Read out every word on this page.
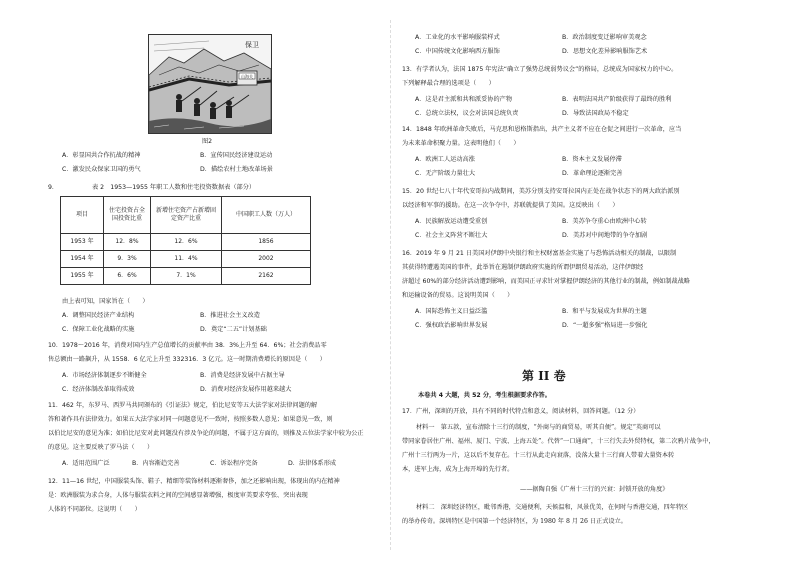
保卫
山海关
图2
A．彰显国共合作抗战的精神	B．宣传国民经济建设运动
C．激发民众保家卫国的勇气	D．描绘农村土地改革场景
9．	表 2　1953—1955 年职工人数和住宅投资数据表（部分）
项目	住宅投资占全国投资比重	新增住宅资产占新增固定资产比重	中国职工人数（万人）
1953 年	12．8%	12．6%	1856
1954 年	9．3%	11．4%	2002
1955 年	6．6%	7．1%	2162
由上表可知，国家旨在（　　）
A．调整国民经济产业结构	B．推进社会主义改造
C．保障工业化战略的实施	D．奠定“二五”计划基础
10．1978～2016 年，消费对国内生产总值增长的贡献率由 38．3%上升至 64．6%；社会消费品零
售总额由一路飙升，从 1558．6 亿元上升至 332316．3 亿元。这一时期消费增长的原因是（　　）
A．市场经济体制逐步不断健全	B．消费是经济发展中占据主导
C．经济体制改革取得成效	D．消费对经济发展作用越来越大
11．462 年，东罗马、西罗马共同颁布的《引证法》规定，伯比尼安等五大法学家对法律问题的解
答和著作具有法律效力。如果五大法学家对同一问题意见不一致时，按照多数人意见；如果意见一致，则
以伯比尼安的意见为准；如伯比尼安对此问题没有涉及争论的问题，不属于这方面的，则推及五位法学家中较为公正
的意见。这主要反映了罗马法（　　）
A．适用范围广泛	B．内容渐趋完善	C．诉讼程序完备	D．法律体系形成
12．11—16 世纪，中国服装头饰、鞋子、精细等装饰材料逐渐奢侈，加之还影响出现，体现出的内在精神
是：欧洲服装为求合身，人体与服装衣料之间的空间感显著增强，极度审美要求夸张、突出表现
人体的不同部位。这说明（　　）
A．工业化的水平影响服装样式	B．政治制度变迁影响审美观念
C．中国传统文化影响西方服饰	D．思想文化差异影响服饰艺术
13．有学者认为，法国 1875 年宪法“确立了强势总统弱势议会”的格局，总统成为国家权力的中心。
下列解释最合理的选项是（　　）
A．这是君主派和共和派妥协的产物	B．表明法国共产阶级获得了最终的胜利
C．总统立法权，议会对法国总统负责	D．导致法国政局不稳定
14．1848 年欧洲革命失败后，马克思和恩格斯指出，共产主义者不应在仓促之间进行一次革命，应当
为未来革命积聚力量。这表明他们（　　）
A．欧洲工人运动高涨	B．资本主义发展停滞
C．无产阶级力量壮大	D．革命理论逐渐完善
15．20 世纪七八十年代安哥拉内战期间，美苏分别支持安哥拉国内正处在战争状态下的两大政治派别
以经济和军事的援助。在这一次争夺中，苏联就提供了美国。这反映出（　　）
A．民族解放运动遭受重创	B．美苏争夺重心由欧洲中心转
C．社会主义阵营不断壮大	D．美苏对中间地带的争夺加剧
16．2019 年 9 月 21 日美国对伊朗中央银行和主权财富基金实施了与恐怖活动相关的制裁，以限制
其获得特遭遇美国的事件，此举旨在遏制伊朗政府实施的所谓伊朗贸易活动，这伴伊朗经
济超过 60%的部分经济活动遭到影响，而美国正寻求针对掌握伊朗经济的其他行业的制裁，例如制裁战略
和运输设备的贸易。这说明美国（　　）
A．国际恐怖主义日益泛滥	B．和平与发展成为世界的主题
C．强权政治影响世界发展	D．“一超多强”格局进一步强化
第 II 卷
本卷共 4 大题，共 52 分，考生根据要求作答。
17．广州，深圳的开放，具有不同的时代特点和意义，阅读材料，回答问题。（12 分）
材料一　第五款，宣布清除十三行的制度，“外商与的商贸易，听其自便”。规定“英商可以
带同家眷居住广州、福州、厦门、宁波、上海五处”。代替“一口通商”，十三行失去外贸特权，第二次鸦片战争中，
广州十三行两为一片，这以后不复存在。十三行从此走向衰落，没落大量十三行商人带着大量资本转
本，进军上海，成为上海开埠的先行者。
——据陶自强《广州十三行的兴衰：封锁开放的角度》
材料二　深圳经济特区，毗邻香港，交通便利，天候温和，风景优美，在何时与香港交通，四年特区
的举办传奇。深圳特区是中国第一个经济特区，为 1980 年 8 月 26 日正式设立。
